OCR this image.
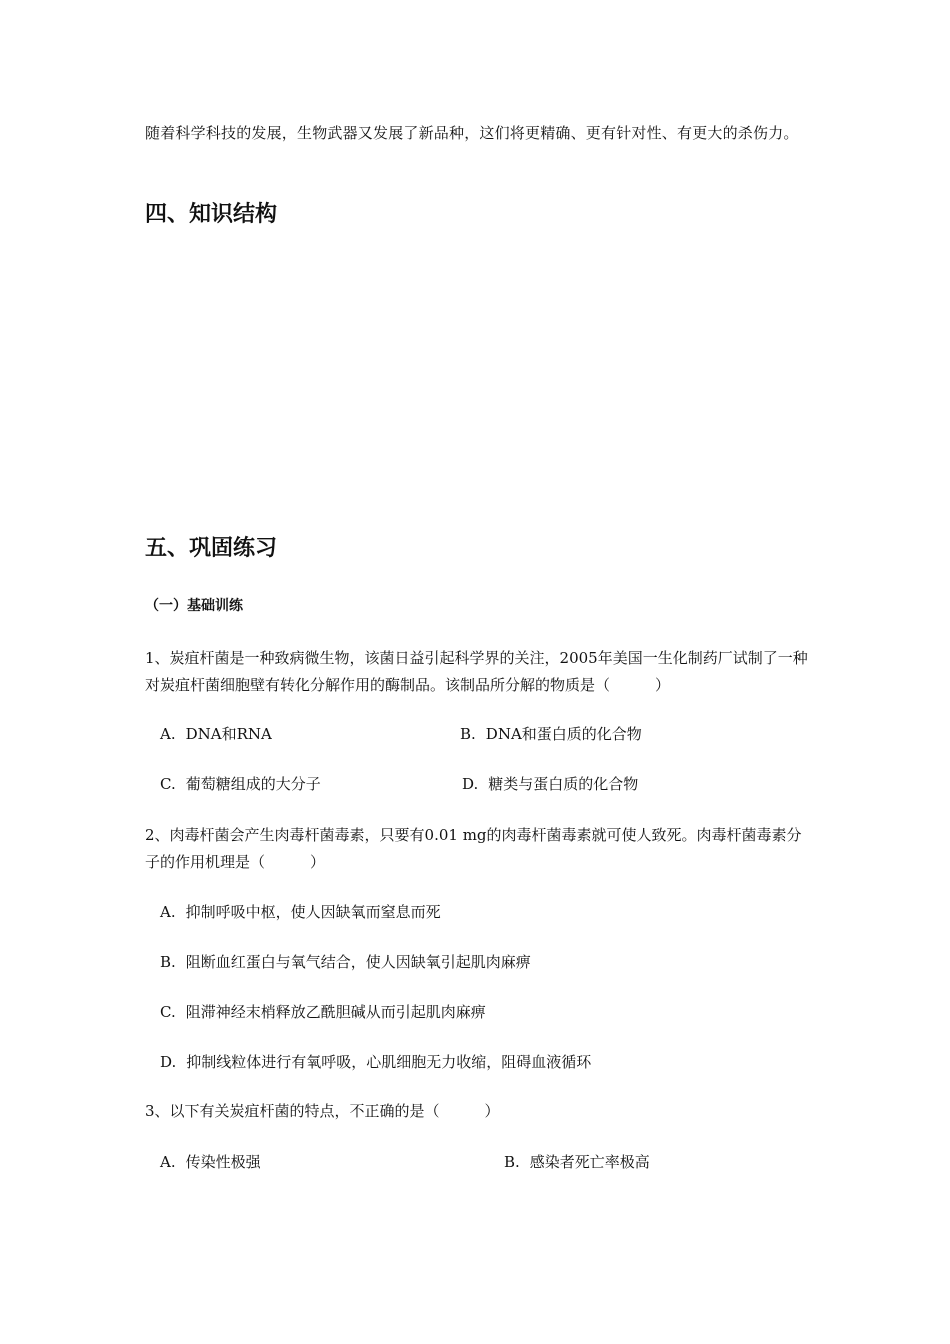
随着科学科技的发展，生物武器又发展了新品种，这们将更精确、更有针对性、有更大的杀伤力。
四、知识结构
五、巩固练习
（一）基础训练
1、炭疽杆菌是一种致病微生物，该菌日益引起科学界的关注，2005年美国一生化制药厂试制了一种对炭疽杆菌细胞壁有转化分解作用的酶制品。该制品所分解的物质是（　　　）
A. DNA和RNA	B. DNA和蛋白质的化合物
C. 葡萄糖组成的大分子	D. 糖类与蛋白质的化合物
2、肉毒杆菌会产生肉毒杆菌毒素，只要有0.01 mg的肉毒杆菌毒素就可使人致死。肉毒杆菌毒素分子的作用机理是（　　　）
A. 抑制呼吸中枢，使人因缺氧而窒息而死
B. 阻断血红蛋白与氧气结合，使人因缺氧引起肌肉麻痹
C. 阻滞神经末梢释放乙酰胆碱从而引起肌肉麻痹
D. 抑制线粒体进行有氧呼吸，心肌细胞无力收缩，阻碍血液循环
3、以下有关炭疽杆菌的特点，不正确的是（　　　）
A. 传染性极强	B. 感染者死亡率极高
